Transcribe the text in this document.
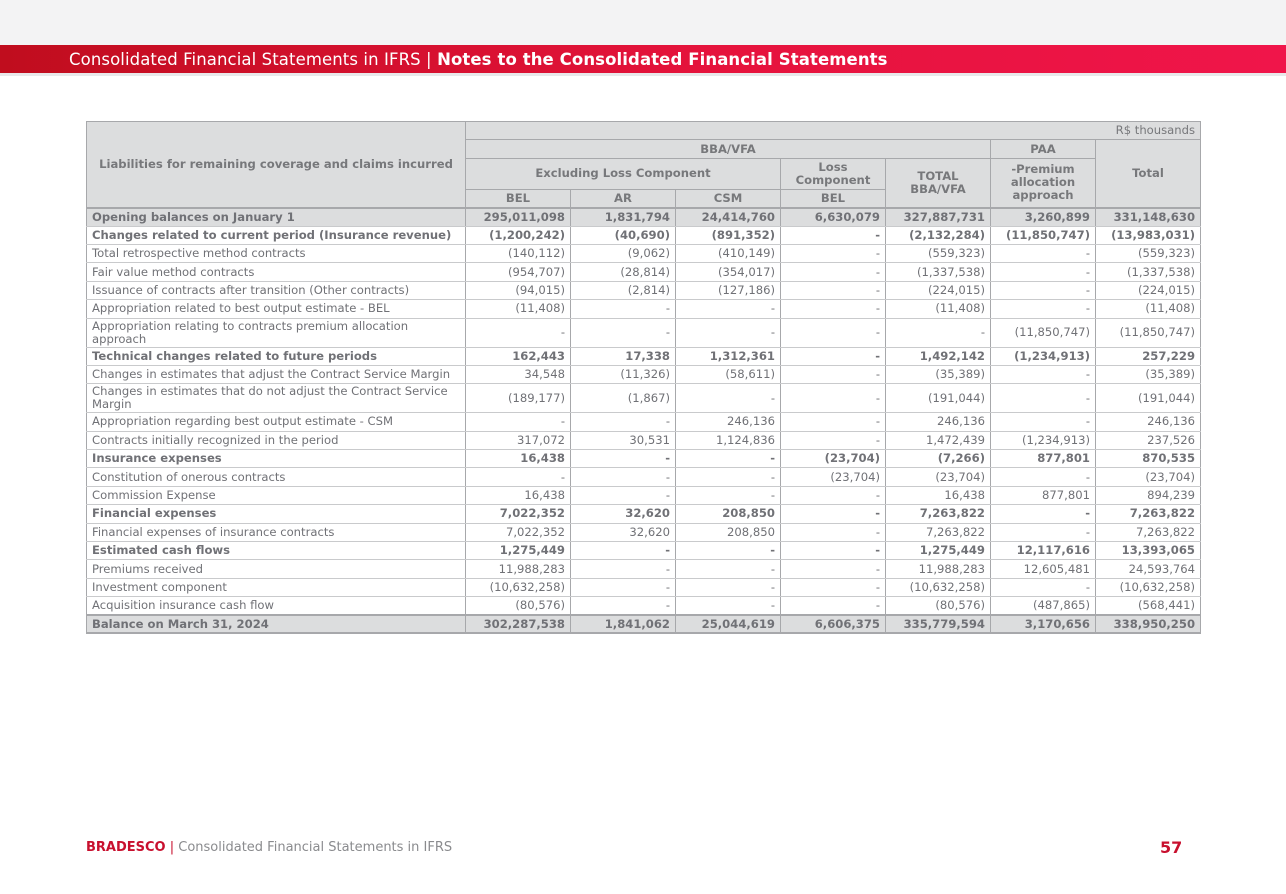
Consolidated Financial Statements in IFRS | Notes to the Consolidated Financial Statements
Liabilities for remaining coverage and claims incurred	R$ thousands						
	BBA/VFA					PAA	Total
	Excluding Loss Component			Loss Component	TOTAL BBA/VFA	-Premium allocation approach	
	BEL	AR	CSM	BEL			
Opening balances on January 1	295,011,098	1,831,794	24,414,760	6,630,079	327,887,731	3,260,899	331,148,630
Changes related to current period (Insurance revenue)	(1,200,242)	(40,690)	(891,352)	-	(2,132,284)	(11,850,747)	(13,983,031)
Total retrospective method contracts	(140,112)	(9,062)	(410,149)	-	(559,323)	-	(559,323)
Fair value method contracts	(954,707)	(28,814)	(354,017)	-	(1,337,538)	-	(1,337,538)
Issuance of contracts after transition (Other contracts)	(94,015)	(2,814)	(127,186)	-	(224,015)	-	(224,015)
Appropriation related to best output estimate - BEL	(11,408)	-	-	-	(11,408)	-	(11,408)
Appropriation relating to contracts premium allocation approach	-	-	-	-	-	(11,850,747)	(11,850,747)
Technical changes related to future periods	162,443	17,338	1,312,361	-	1,492,142	(1,234,913)	257,229
Changes in estimates that adjust the Contract Service Margin	34,548	(11,326)	(58,611)	-	(35,389)	-	(35,389)
Changes in estimates that do not adjust the Contract Service Margin	(189,177)	(1,867)	-	-	(191,044)	-	(191,044)
Appropriation regarding best output estimate - CSM	-	-	246,136	-	246,136	-	246,136
Contracts initially recognized in the period	317,072	30,531	1,124,836	-	1,472,439	(1,234,913)	237,526
Insurance expenses	16,438	-	-	(23,704)	(7,266)	877,801	870,535
Constitution of onerous contracts	-	-	-	(23,704)	(23,704)	-	(23,704)
Commission Expense	16,438	-	-	-	16,438	877,801	894,239
Financial expenses	7,022,352	32,620	208,850	-	7,263,822	-	7,263,822
Financial expenses of insurance contracts	7,022,352	32,620	208,850	-	7,263,822	-	7,263,822
Estimated cash flows	1,275,449	-	-	-	1,275,449	12,117,616	13,393,065
Premiums received	11,988,283	-	-	-	11,988,283	12,605,481	24,593,764
Investment component	(10,632,258)	-	-	-	(10,632,258)	-	(10,632,258)
Acquisition insurance cash flow	(80,576)	-	-	-	(80,576)	(487,865)	(568,441)
Balance on March 31, 2024	302,287,538	1,841,062	25,044,619	6,606,375	335,779,594	3,170,656	338,950,250
BRADESCO | Consolidated Financial Statements in IFRS	57
